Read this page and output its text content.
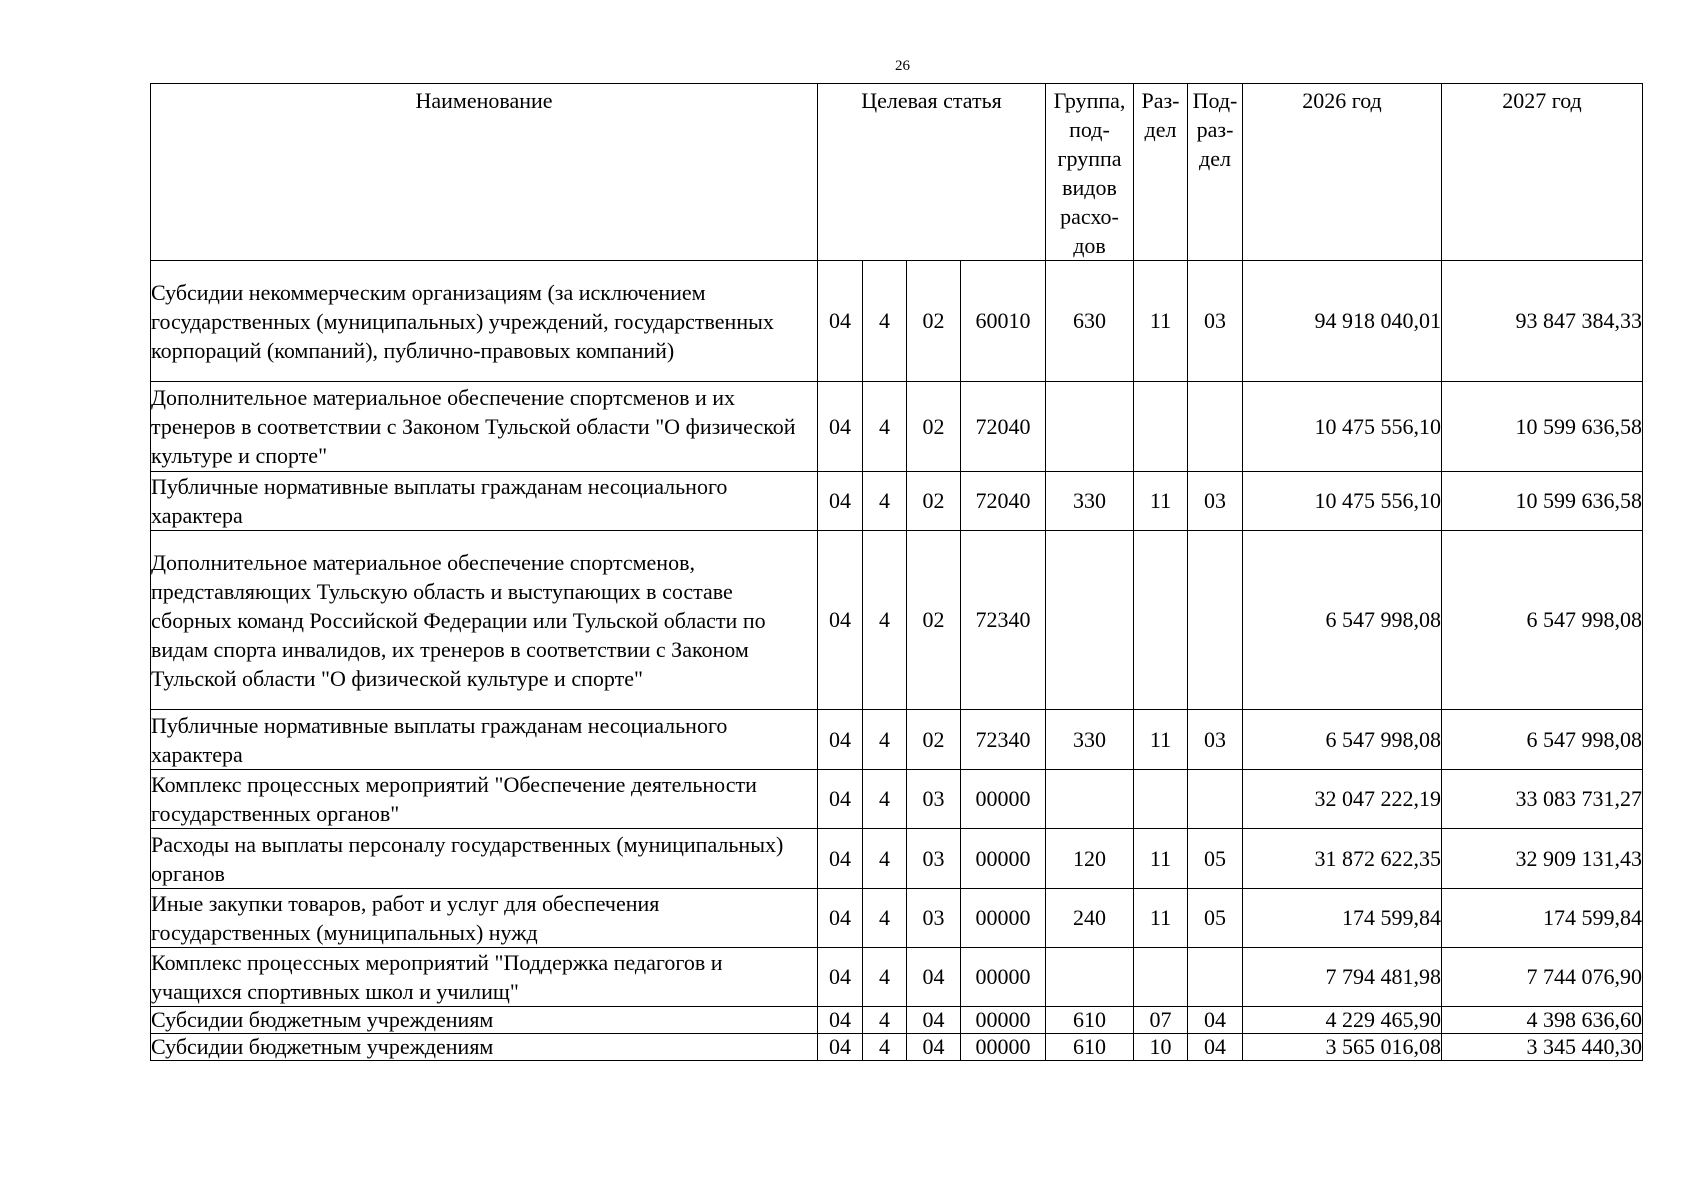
26
Наименование	Целевая статья				Группа, под- группа видов расхо- дов	Раз- дел	Под- раз- дел	2026 год	2027 год
Субсидии некоммерческим организациям (за исключением государственных (муниципальных) учреждений, государственных корпораций (компаний), публично-правовых компаний)	04	4	02	60010	630	11	03	94 918 040,01	93 847 384,33
Дополнительное материальное обеспечение спортсменов и их тренеров в соответствии с Законом Тульской области "О физической культуре и спорте"	04	4	02	72040				10 475 556,10	10 599 636,58
Публичные нормативные выплаты гражданам несоциального характера	04	4	02	72040	330	11	03	10 475 556,10	10 599 636,58
Дополнительное материальное обеспечение спортсменов, представляющих Тульскую область и выступающих в составе сборных команд Российской Федерации или Тульской области по видам спорта инвалидов, их тренеров в соответствии с Законом Тульской области "О физической культуре и спорте"	04	4	02	72340				6 547 998,08	6 547 998,08
Публичные нормативные выплаты гражданам несоциального характера	04	4	02	72340	330	11	03	6 547 998,08	6 547 998,08
Комплекс процессных мероприятий "Обеспечение деятельности государственных органов"	04	4	03	00000				32 047 222,19	33 083 731,27
Расходы на выплаты персоналу государственных (муниципальных) органов	04	4	03	00000	120	11	05	31 872 622,35	32 909 131,43
Иные закупки товаров, работ и услуг для обеспечения государственных (муниципальных) нужд	04	4	03	00000	240	11	05	174 599,84	174 599,84
Комплекс процессных мероприятий "Поддержка педагогов и учащихся спортивных школ и училищ"	04	4	04	00000				7 794 481,98	7 744 076,90
Субсидии бюджетным учреждениям	04	4	04	00000	610	07	04	4 229 465,90	4 398 636,60
Субсидии бюджетным учреждениям	04	4	04	00000	610	10	04	3 565 016,08	3 345 440,30
